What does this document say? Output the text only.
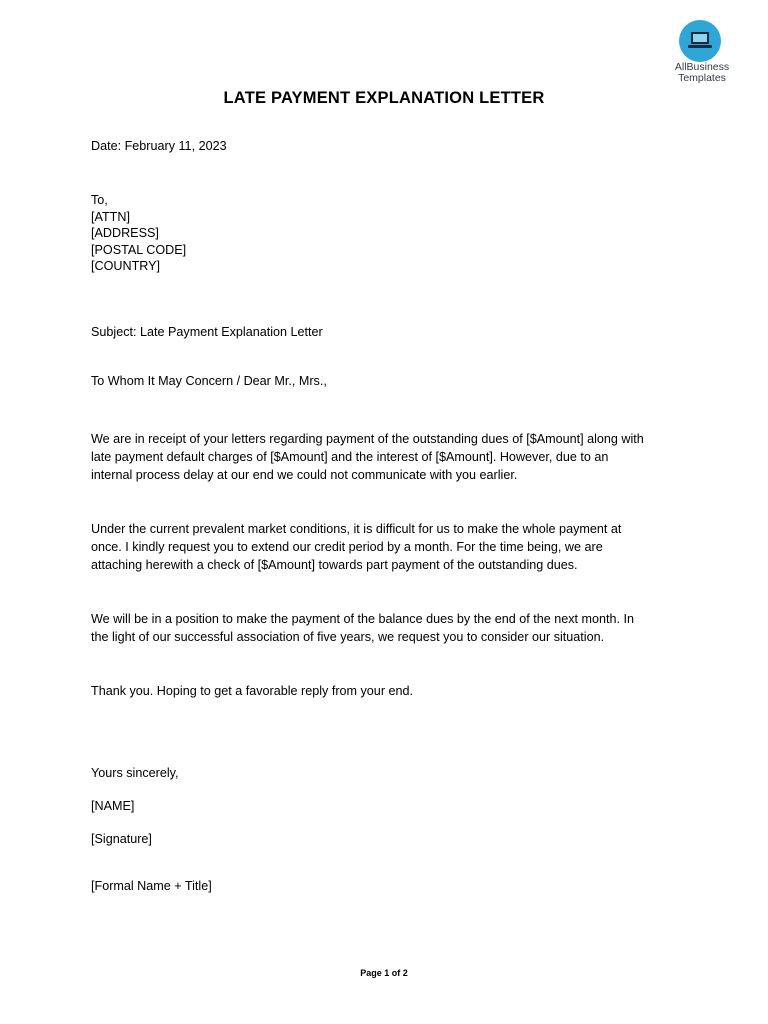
AllBusiness
Templates
LATE PAYMENT EXPLANATION LETTER
Date: February 11, 2023
To,
[ATTN]
[ADDRESS]
[POSTAL CODE]
[COUNTRY]
Subject: Late Payment Explanation Letter
To Whom It May Concern / Dear Mr., Mrs.,
We are in receipt of your letters regarding payment of the outstanding dues of [$Amount] along with
late payment default charges of [$Amount] and the interest of [$Amount]. However, due to an
internal process delay at our end we could not communicate with you earlier.
Under the current prevalent market conditions, it is difficult for us to make the whole payment at
once. I kindly request you to extend our credit period by a month. For the time being, we are
attaching herewith a check of [$Amount] towards part payment of the outstanding dues.
We will be in a position to make the payment of the balance dues by the end of the next month. In
the light of our successful association of five years, we request you to consider our situation.
Thank you. Hoping to get a favorable reply from your end.
Yours sincerely,
[NAME]
[Signature]
[Formal Name + Title]
Page 1 of 2
